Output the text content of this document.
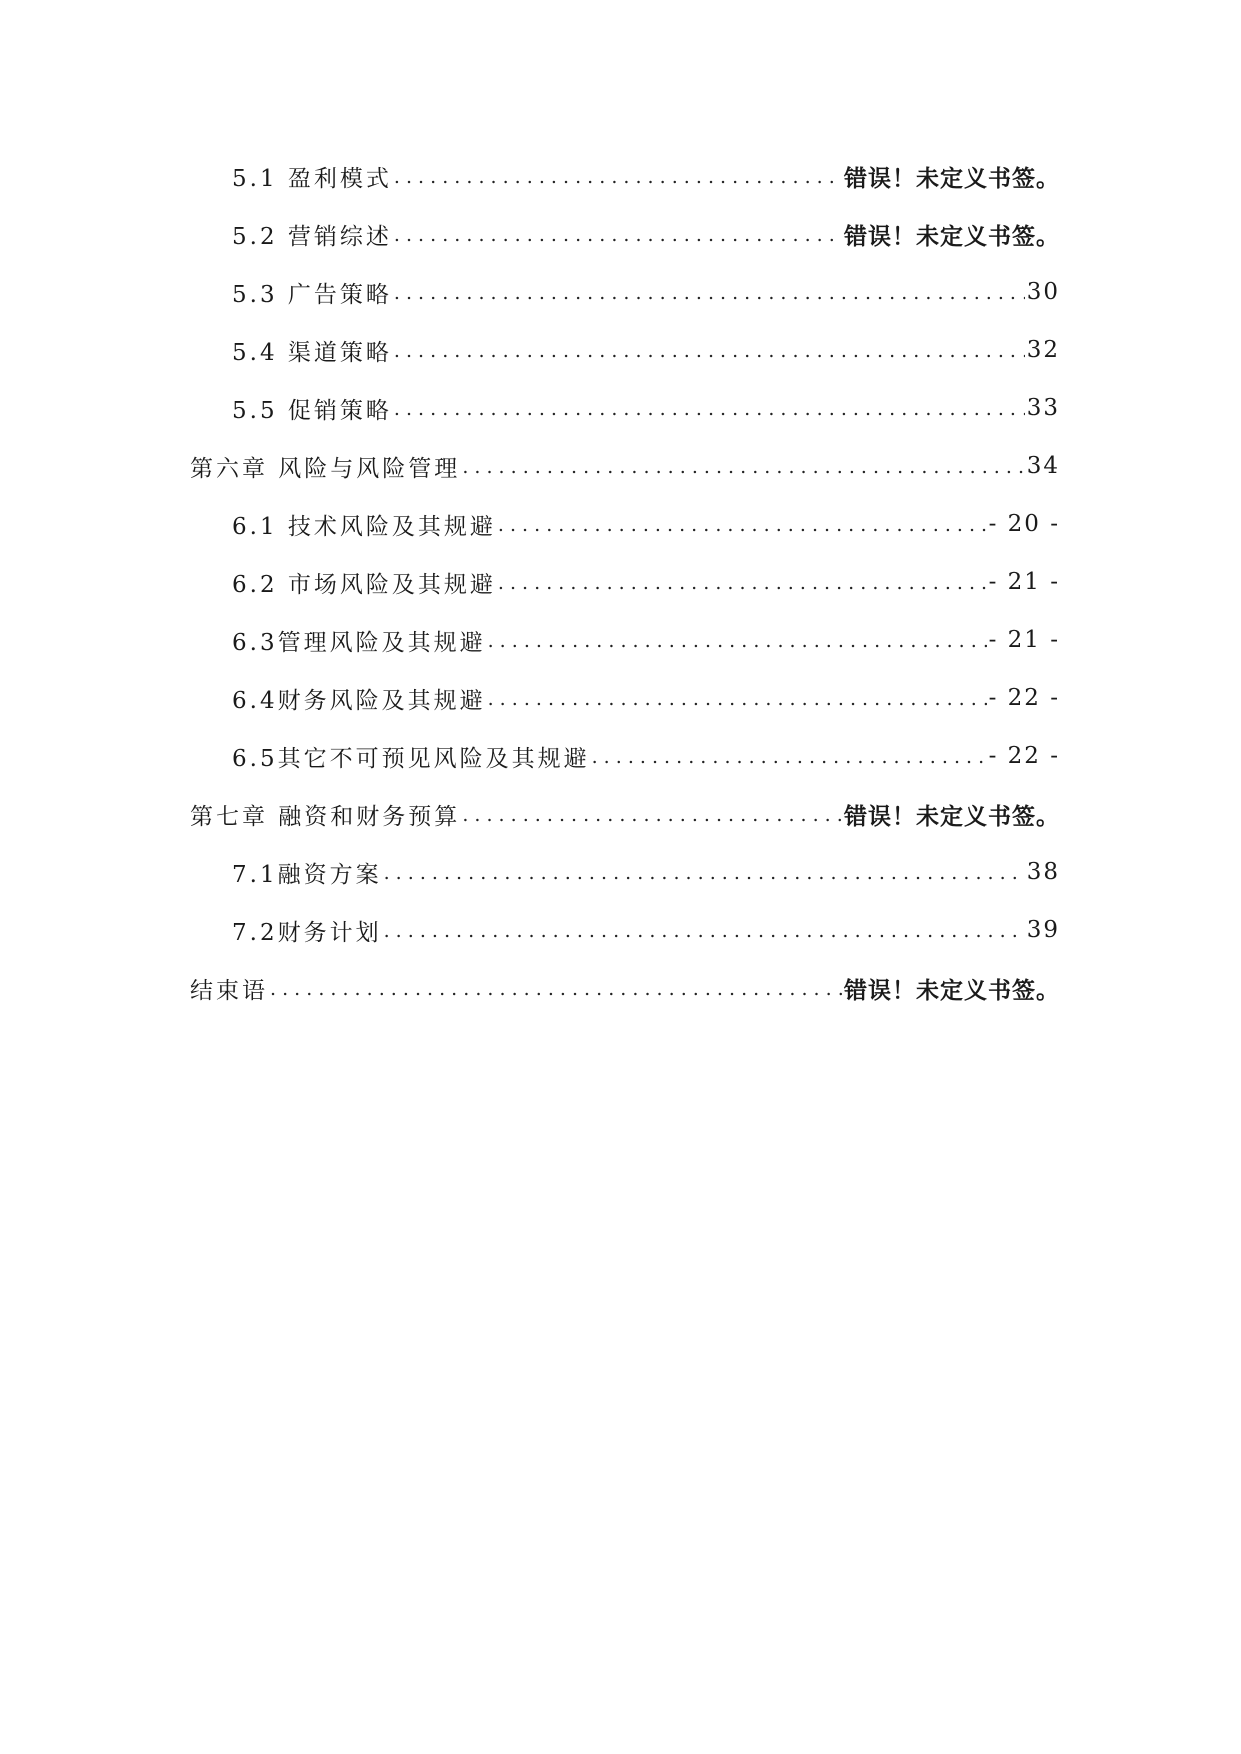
5.1 盈利模式 . . .	错误！未定义书签。
5.2 营销综述 . . .	错误！未定义书签。
5.3 广告策略 . . .	30
5.4 渠道策略 . . .	32
5.5 促销策略 . . .	33
第六章 风险与风险管理 . . .	34
6.1 技术风险及其规避 . . .	- 20 -
6.2 市场风险及其规避 . . .	- 21 -
6.3管理风险及其规避 . . .	- 21 -
6.4财务风险及其规避 . . .	- 22 -
6.5其它不可预见风险及其规避 . . .	- 22 -
第七章 融资和财务预算 . . .	错误！未定义书签。
7.1融资方案 . . .	38
7.2财务计划 . . .	39
结束语 . . .	错误！未定义书签。
